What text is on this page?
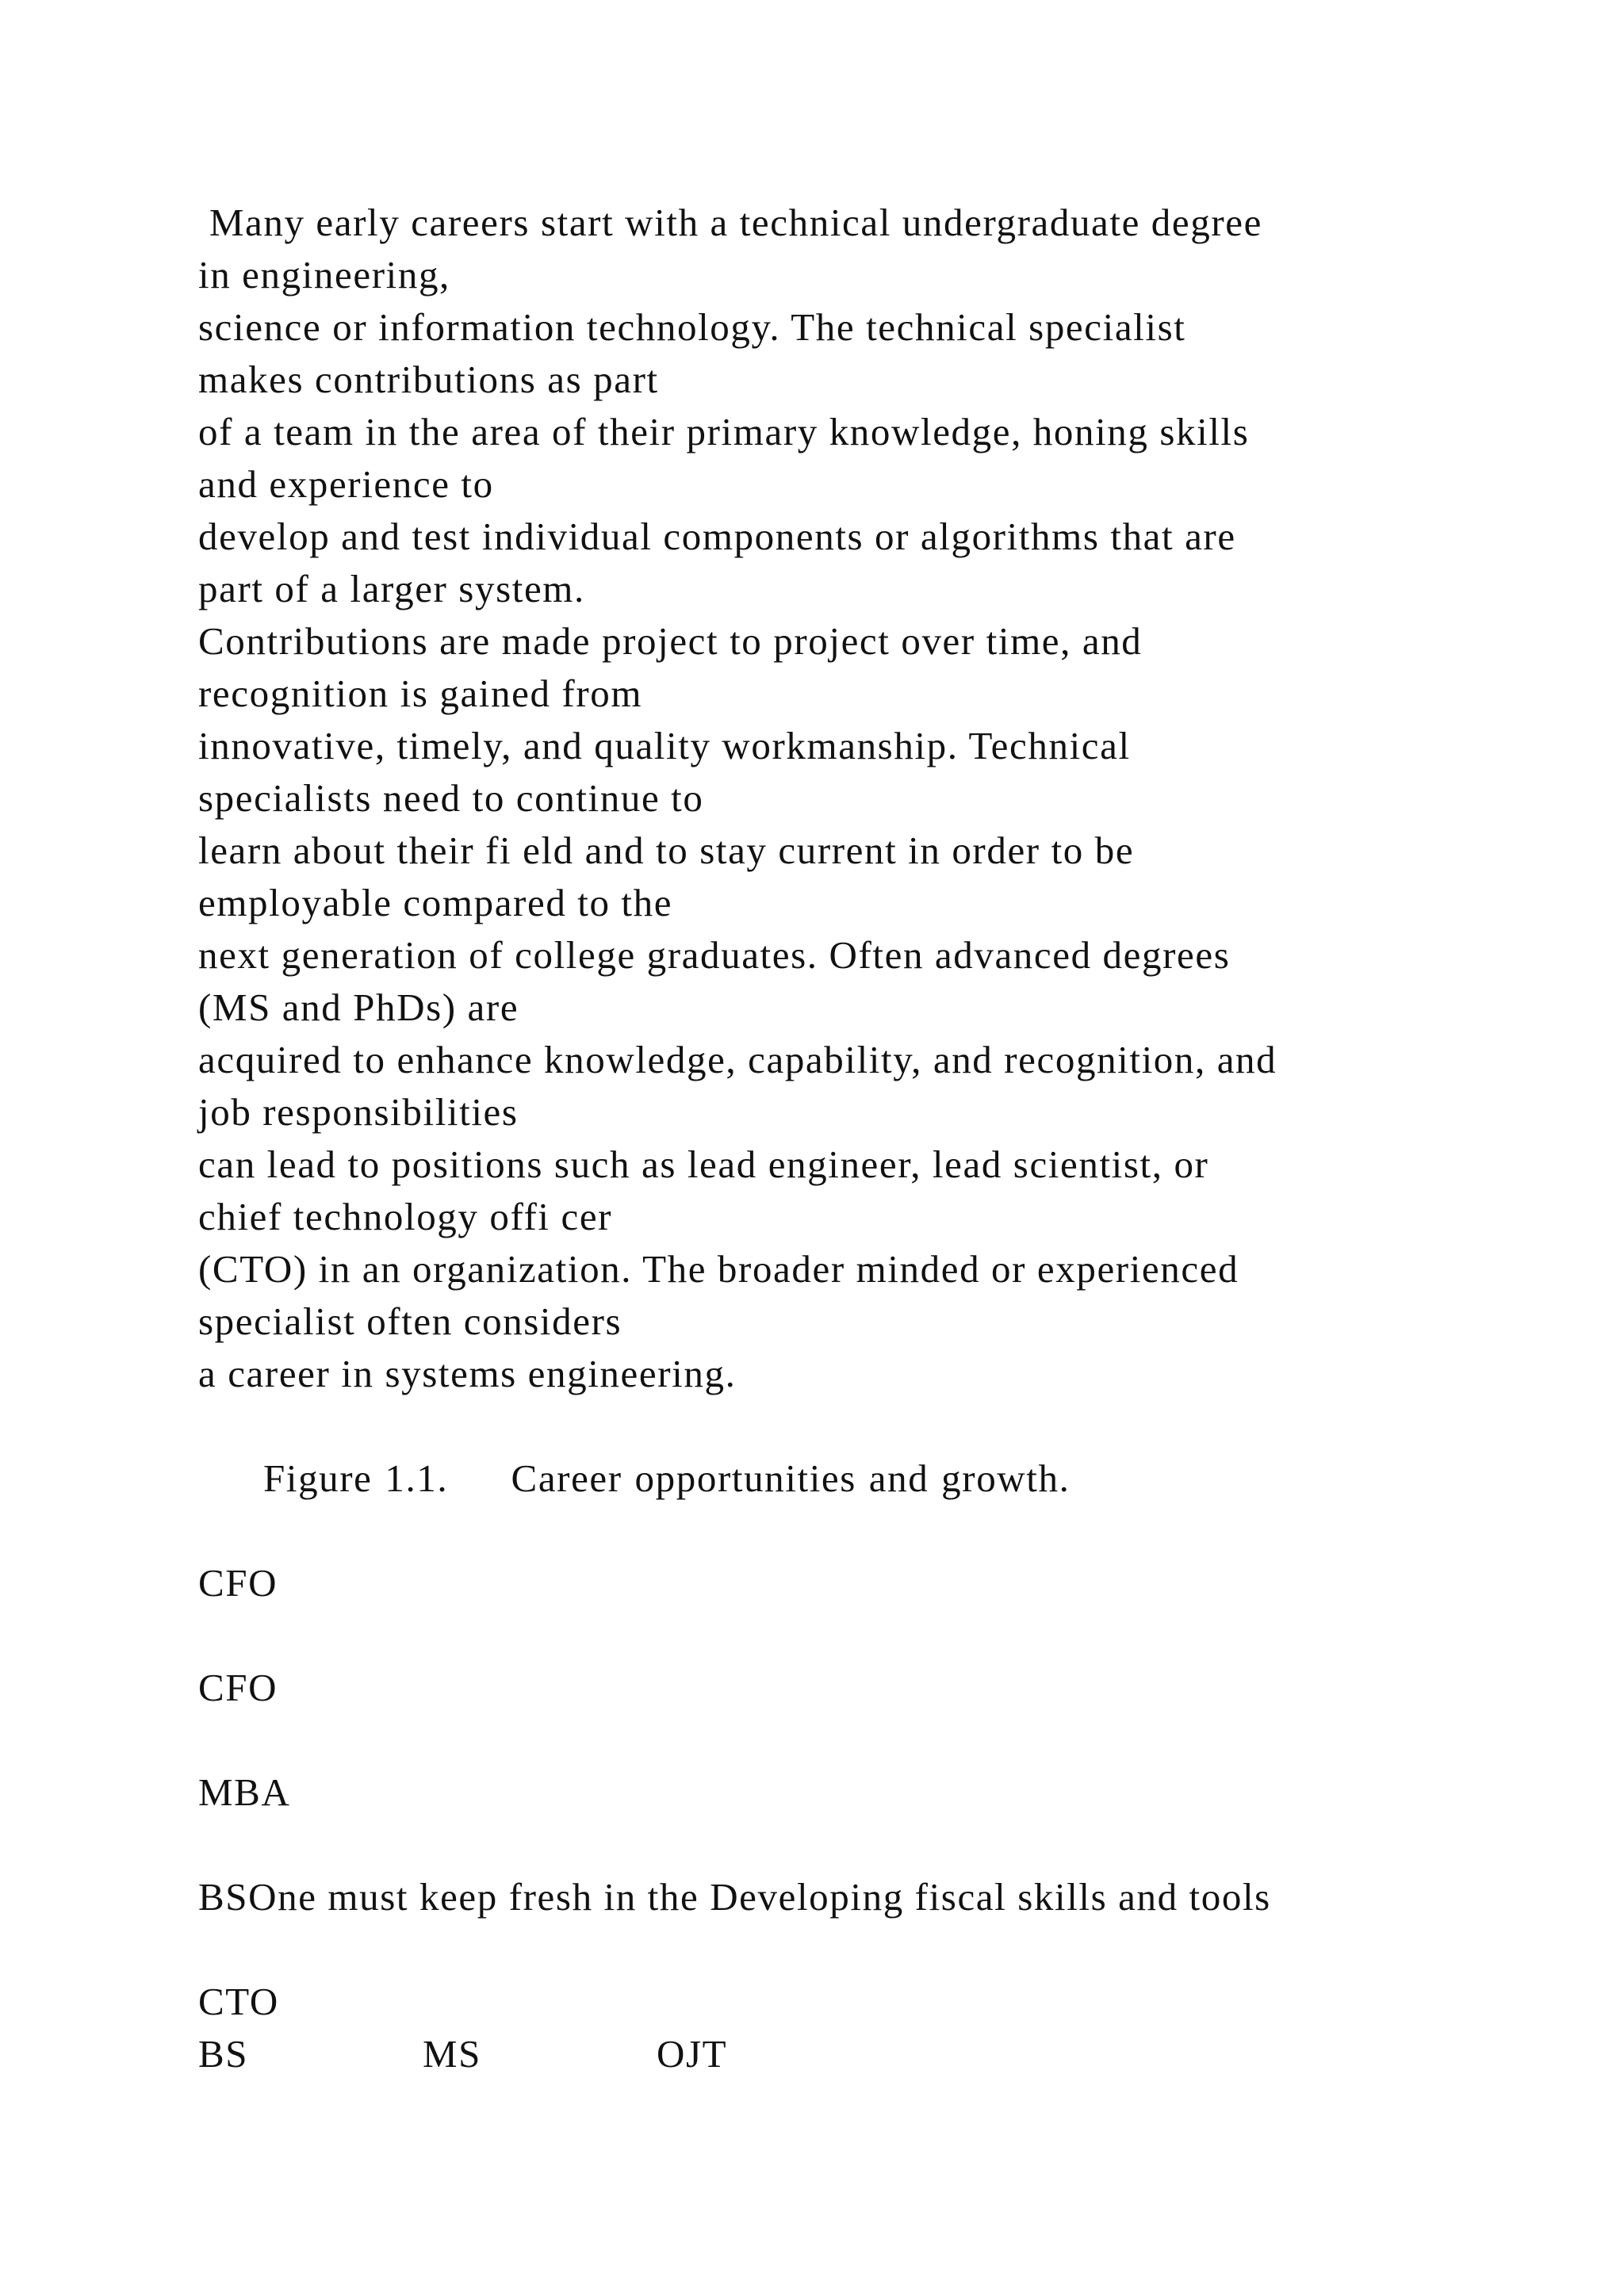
Many early careers start with a technical undergraduate degree
in engineering,
science or information technology. The technical specialist
makes contributions as part
of a team in the area of their primary knowledge, honing skills
and experience to
develop and test individual components or algorithms that are
part of a larger system.
Contributions are made project to project over time, and
recognition is gained from
innovative, timely, and quality workmanship. Technical
specialists need to continue to
learn about their fi eld and to stay current in order to be
employable compared to the
next generation of college graduates. Often advanced degrees
(MS and PhDs) are
acquired to enhance knowledge, capability, and recognition, and
job responsibilities
can lead to positions such as lead engineer, lead scientist, or
chief technology offi cer
(CTO) in an organization. The broader minded or experienced
specialist often considers
a career in systems engineering.
Figure 1.1.     Career opportunities and growth.
CFO
CFO
MBA
BSOne must keep fresh in the Developing fiscal skills and tools
CTO
BS	MS	OJT
